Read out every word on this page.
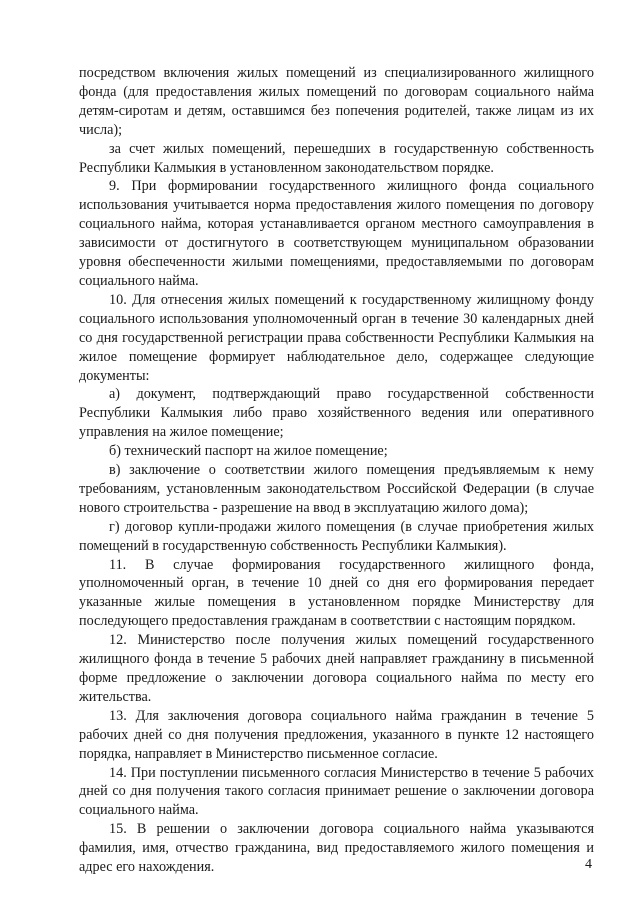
посредством включения жилых помещений из специализированного жилищного фонда (для предоставления жилых помещений по договорам социального найма детям-сиротам и детям, оставшимся без попечения родителей, также лицам из их числа);

за счет жилых помещений, перешедших в государственную собственность Республики Калмыкия в установленном законодательством порядке.

9. При формировании государственного жилищного фонда социального использования учитывается норма предоставления жилого помещения по договору социального найма, которая устанавливается органом местного самоуправления в зависимости от достигнутого в соответствующем муниципальном образовании уровня обеспеченности жилыми помещениями, предоставляемыми по договорам социального найма.

10. Для отнесения жилых помещений к государственному жилищному фонду социального использования уполномоченный орган в течение 30 календарных дней со дня государственной регистрации права собственности Республики Калмыкия на жилое помещение формирует наблюдательное дело, содержащее следующие документы:

а) документ, подтверждающий право государственной собственности Республики Калмыкия либо право хозяйственного ведения или оперативного управления на жилое помещение;

б) технический паспорт на жилое помещение;

в) заключение о соответствии жилого помещения предъявляемым к нему требованиям, установленным законодательством Российской Федерации (в случае нового строительства - разрешение на ввод в эксплуатацию жилого дома);

г) договор купли-продажи жилого помещения (в случае приобретения жилых помещений в государственную собственность Республики Калмыкия).

11. В случае формирования государственного жилищного фонда, уполномоченный орган, в течение 10 дней со дня его формирования передает указанные жилые помещения в установленном порядке Министерству для последующего предоставления гражданам в соответствии с настоящим порядком.

12. Министерство после получения жилых помещений государственного жилищного фонда в течение 5 рабочих дней направляет гражданину в письменной форме предложение о заключении договора социального найма по месту его жительства.

13. Для заключения договора социального найма гражданин в течение 5 рабочих дней со дня получения предложения, указанного в пункте 12 настоящего порядка, направляет в Министерство письменное согласие.

14. При поступлении письменного согласия Министерство в течение 5 рабочих дней со дня получения такого согласия принимает решение о заключении договора социального найма.

15. В решении о заключении договора социального найма указываются фамилия, имя, отчество гражданина, вид предоставляемого жилого помещения и адрес его нахождения.	4
